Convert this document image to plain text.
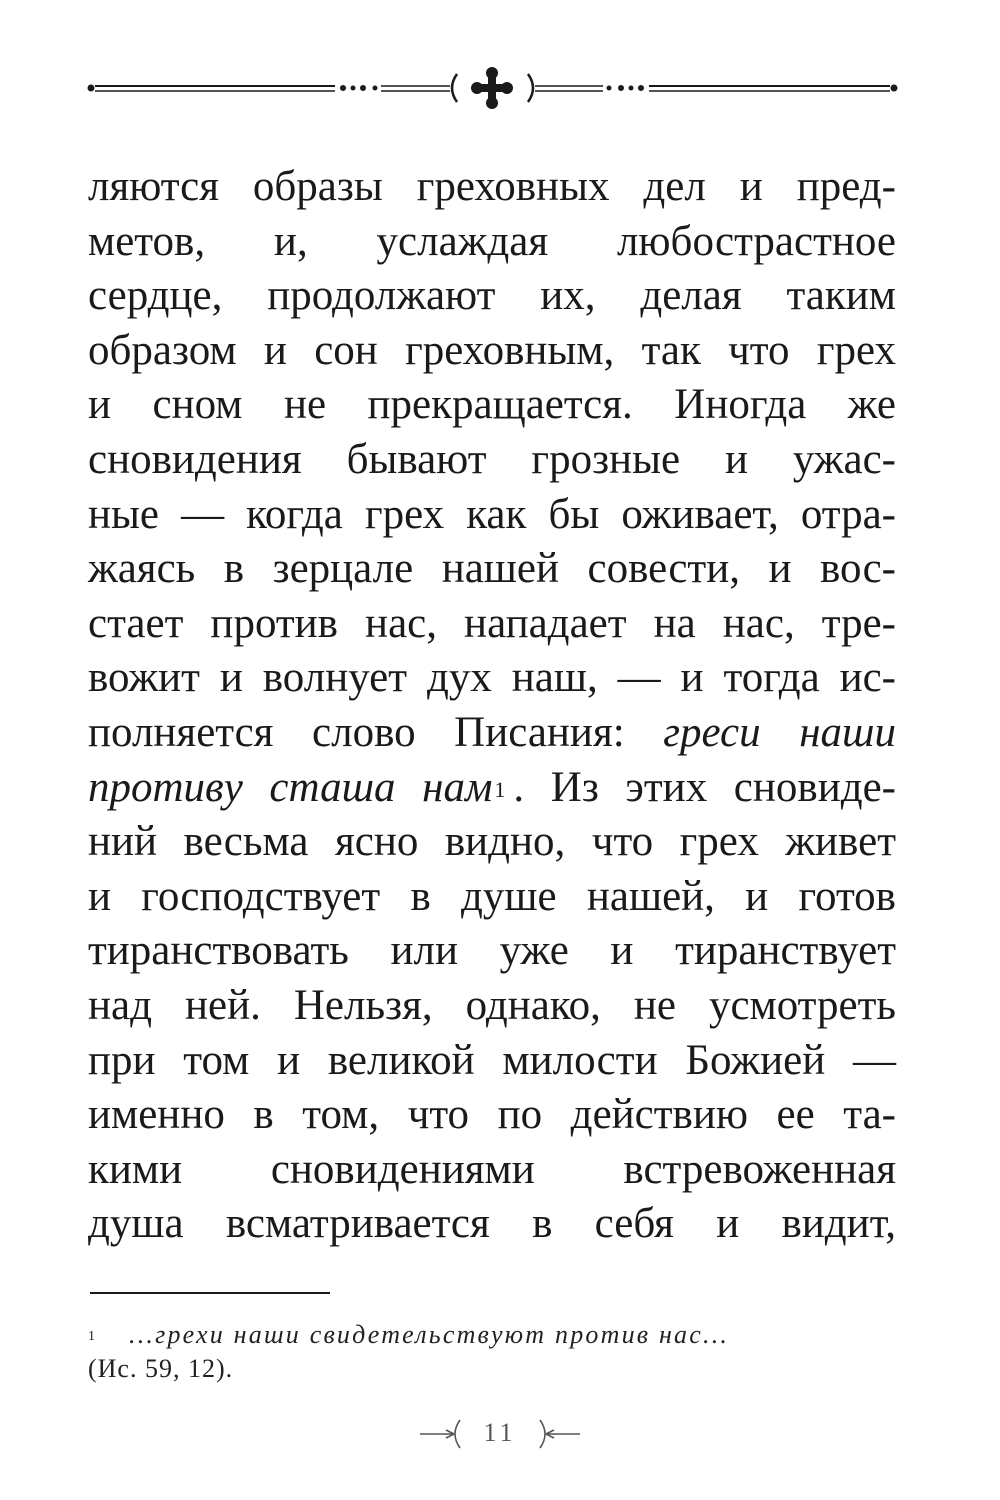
ляются образы греховных дел и пред-
метов, и, услаждая любострастное
сердце, продолжают их, делая таким
образом и сон греховным, так что грех
и сном не прекращается. Иногда же
сновидения бывают грозные и ужас-
ные — когда грех как бы оживает, отра-
жаясь в зерцале нашей совести, и вос-
стает против нас, нападает на нас, тре-
вожит и волнует дух наш, — и тогда ис-
полняется слово Писания: греси наши
противу сташа нам$^1$ . Из этих сновиде-
ний весьма ясно видно, что грех живет
и господствует в душе нашей, и готов
тиранствовать или уже и тиранствует
над ней. Нельзя, однако, не усмотреть
при том и великой милости Божией —
именно в том, что по действию ее та-
кими сновидениями встревоженная
душа всматривается в себя и видит,
$^1$ ...грехи наши свидетельствуют против нас...
(Ис. 59, 12).
11
